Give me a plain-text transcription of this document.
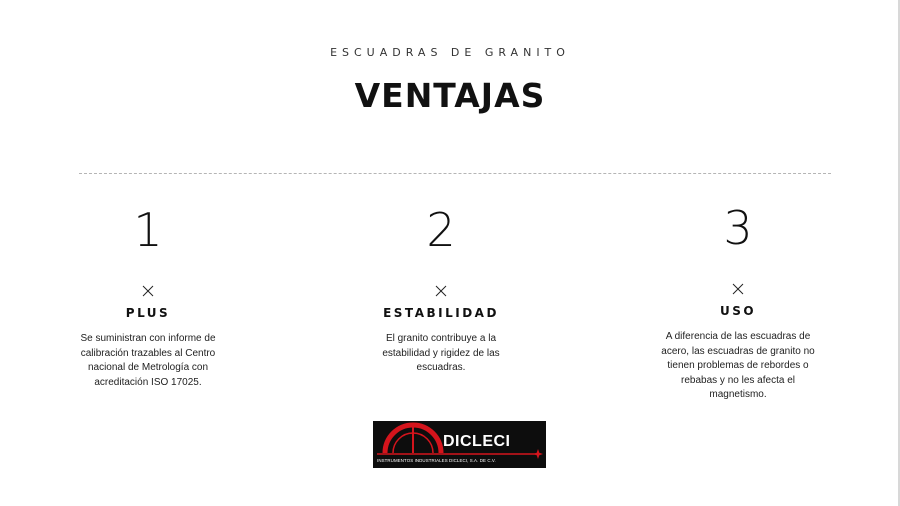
ESCUADRAS DE GRANITO
VENTAJAS
1
PLUS
Se suministran con informe de calibración trazables al Centro nacional de Metrología con acreditación ISO 17025.
2
ESTABILIDAD
El granito contribuye a la estabilidad y rigidez de las escuadras.
3
USO
A diferencia de las escuadras de acero, las escuadras de granito no tienen problemas de rebordes o rebabas y no les afecta el magnetismo.
DICLECI
INSTRUMENTOS INDUSTRIALES DICLECI, S.A. DE C.V.
